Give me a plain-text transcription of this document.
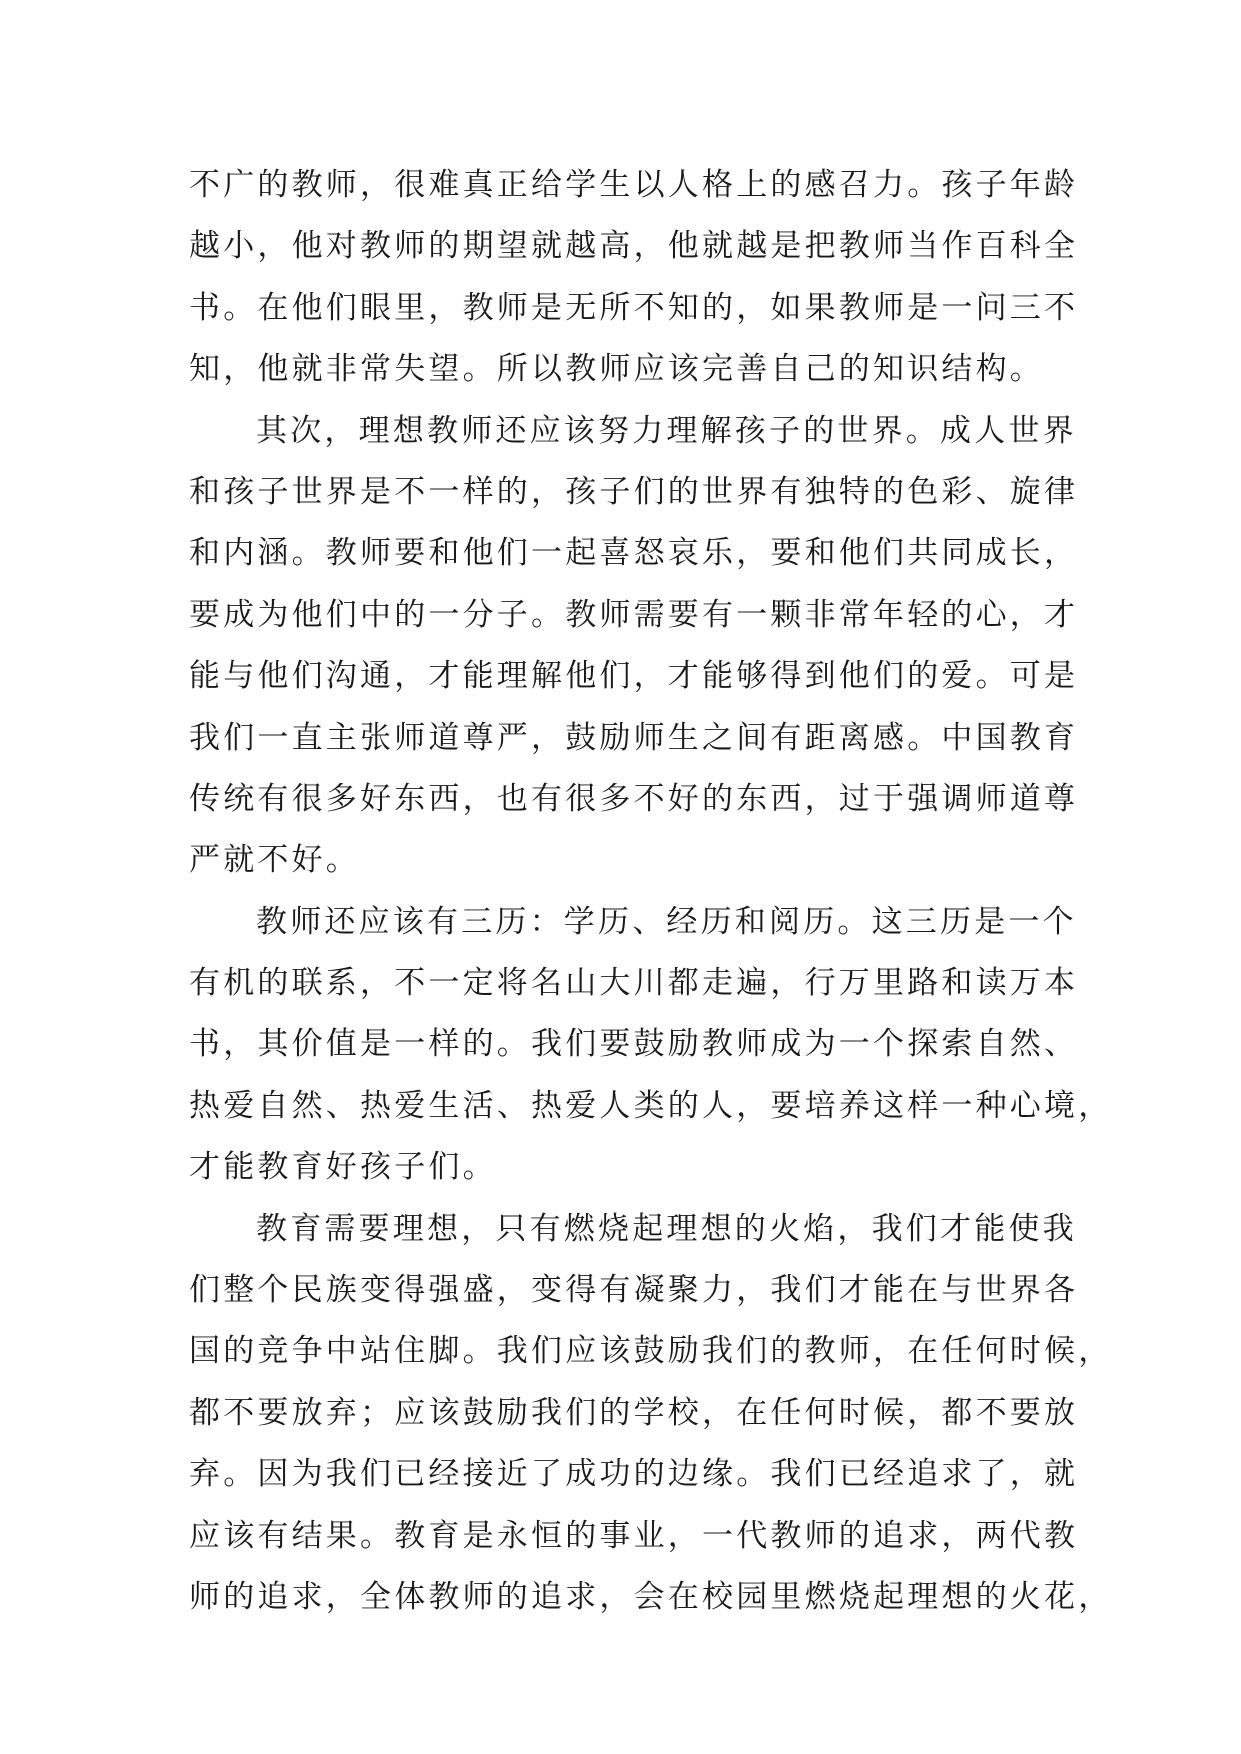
不广的教师，很难真正给学生以人格上的感召力。孩子年龄
越小，他对教师的期望就越高，他就越是把教师当作百科全
书。在他们眼里，教师是无所不知的，如果教师是一问三不
知，他就非常失望。所以教师应该完善自己的知识结构。
其次，理想教师还应该努力理解孩子的世界。成人世界
和孩子世界是不一样的，孩子们的世界有独特的色彩、旋律
和内涵。教师要和他们一起喜怒哀乐，要和他们共同成长，
要成为他们中的一分子。教师需要有一颗非常年轻的心，才
能与他们沟通，才能理解他们，才能够得到他们的爱。可是
我们一直主张师道尊严，鼓励师生之间有距离感。中国教育
传统有很多好东西，也有很多不好的东西，过于强调师道尊
严就不好。
教师还应该有三历：学历、经历和阅历。这三历是一个
有机的联系，不一定将名山大川都走遍，行万里路和读万本
书，其价值是一样的。我们要鼓励教师成为一个探索自然、
热爱自然、热爱生活、热爱人类的人，要培养这样一种心境，
才能教育好孩子们。
教育需要理想，只有燃烧起理想的火焰，我们才能使我
们整个民族变得强盛，变得有凝聚力，我们才能在与世界各
国的竞争中站住脚。我们应该鼓励我们的教师，在任何时候，
都不要放弃；应该鼓励我们的学校，在任何时候，都不要放
弃。因为我们已经接近了成功的边缘。我们已经追求了，就
应该有结果。教育是永恒的事业，一代教师的追求，两代教
师的追求，全体教师的追求，会在校园里燃烧起理想的火花，
